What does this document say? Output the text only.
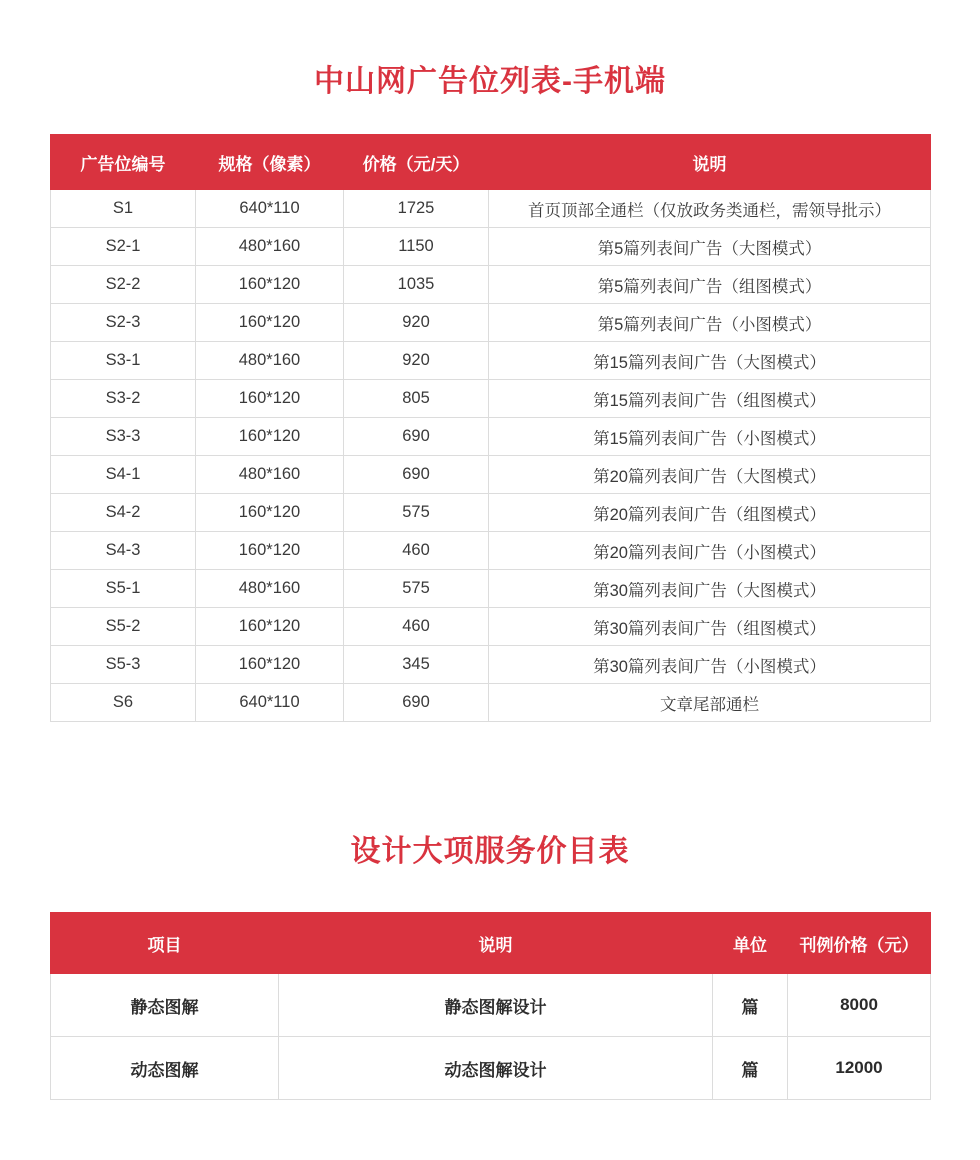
中山网广告位列表-手机端
广告位编号	规格（像素）	价格（元/天）	说明
S1	640*110	1725	首页顶部全通栏（仅放政务类通栏，需领导批示）
S2-1	480*160	1150	第5篇列表间广告（大图模式）
S2-2	160*120	1035	第5篇列表间广告（组图模式）
S2-3	160*120	920	第5篇列表间广告（小图模式）
S3-1	480*160	920	第15篇列表间广告（大图模式）
S3-2	160*120	805	第15篇列表间广告（组图模式）
S3-3	160*120	690	第15篇列表间广告（小图模式）
S4-1	480*160	690	第20篇列表间广告（大图模式）
S4-2	160*120	575	第20篇列表间广告（组图模式）
S4-3	160*120	460	第20篇列表间广告（小图模式）
S5-1	480*160	575	第30篇列表间广告（大图模式）
S5-2	160*120	460	第30篇列表间广告（组图模式）
S5-3	160*120	345	第30篇列表间广告（小图模式）
S6	640*110	690	文章尾部通栏
设计大项服务价目表
项目	说明	单位	刊例价格（元）
静态图解	静态图解设计	篇	8000
动态图解	动态图解设计	篇	12000
